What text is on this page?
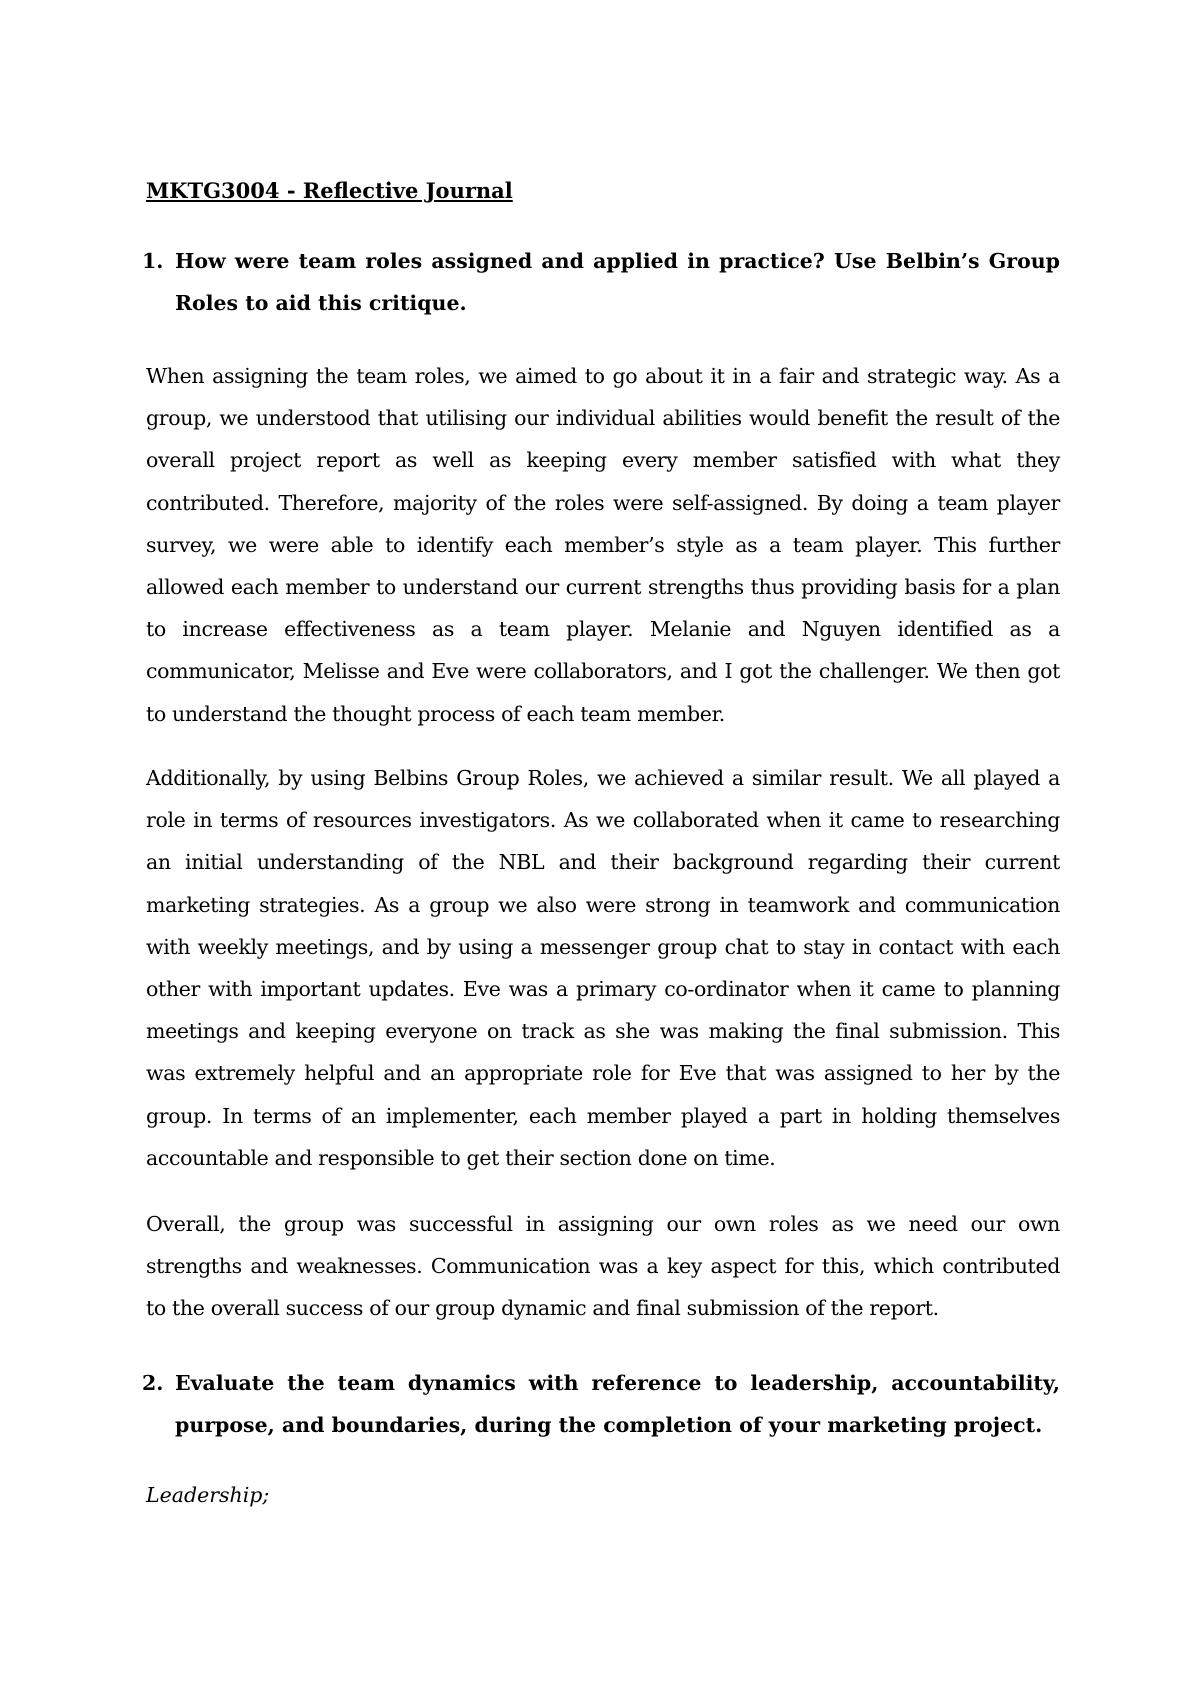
MKTG3004 - Reflective Journal
1. How were team roles assigned and applied in practice? Use Belbin’s Group Roles to aid this critique.

When assigning the team roles, we aimed to go about it in a fair and strategic way. As a group, we understood that utilising our individual abilities would benefit the result of the overall project report as well as keeping every member satisfied with what they contributed. Therefore, majority of the roles were self-assigned. By doing a team player survey, we were able to identify each member’s style as a team player. This further allowed each member to understand our current strengths thus providing basis for a plan to increase effectiveness as a team player. Melanie and Nguyen identified as a communicator, Melisse and Eve were collaborators, and I got the challenger. We then got to understand the thought process of each team member.

Additionally, by using Belbins Group Roles, we achieved a similar result. We all played a role in terms of resources investigators. As we collaborated when it came to researching an initial understanding of the NBL and their background regarding their current marketing strategies. As a group we also were strong in teamwork and communication with weekly meetings, and by using a messenger group chat to stay in contact with each other with important updates. Eve was a primary co-ordinator when it came to planning meetings and keeping everyone on track as she was making the final submission. This was extremely helpful and an appropriate role for Eve that was assigned to her by the group. In terms of an implementer, each member played a part in holding themselves accountable and responsible to get their section done on time.

Overall, the group was successful in assigning our own roles as we need our own strengths and weaknesses. Communication was a key aspect for this, which contributed to the overall success of our group dynamic and final submission of the report.

2. Evaluate the team dynamics with reference to leadership, accountability, purpose, and boundaries, during the completion of your marketing project.

Leadership;
